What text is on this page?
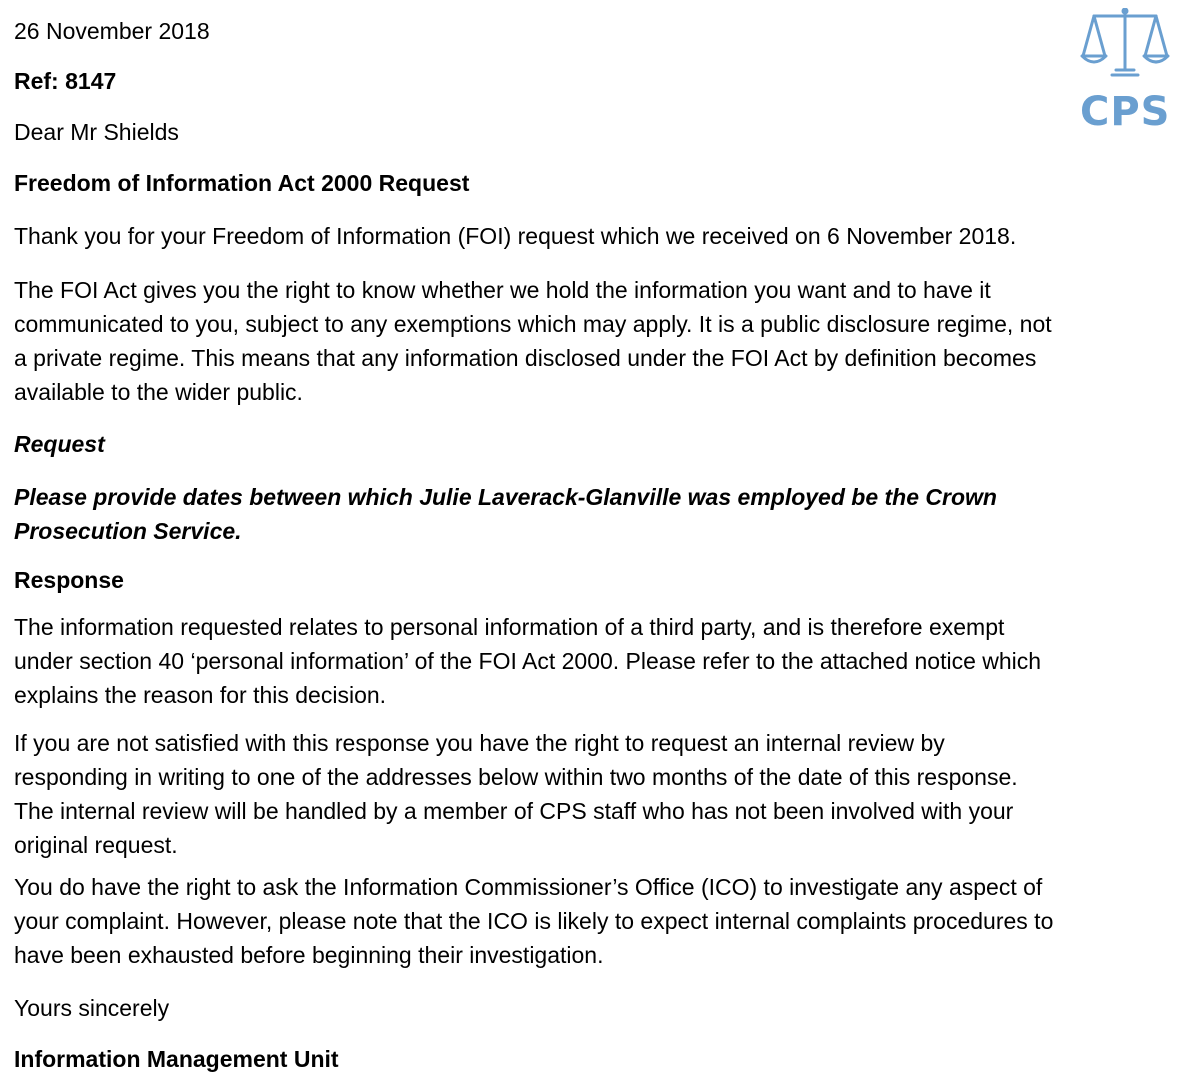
26 November 2018
Ref: 8147
Dear Mr Shields
Freedom of Information Act 2000 Request
Thank you for your Freedom of Information (FOI) request which we received on 6 November 2018.
The FOI Act gives you the right to know whether we hold the information you want and to have it
communicated to you, subject to any exemptions which may apply. It is a public disclosure regime, not
a private regime. This means that any information disclosed under the FOI Act by definition becomes
available to the wider public.
Request
Please provide dates between which Julie Laverack-Glanville was employed be the Crown
Prosecution Service.
Response
The information requested relates to personal information of a third party, and is therefore exempt
under section 40 ‘personal information’ of the FOI Act 2000. Please refer to the attached notice which
explains the reason for this decision.
If you are not satisfied with this response you have the right to request an internal review by
responding in writing to one of the addresses below within two months of the date of this response.
The internal review will be handled by a member of CPS staff who has not been involved with your
original request.
You do have the right to ask the Information Commissioner’s Office (ICO) to investigate any aspect of
your complaint. However, please note that the ICO is likely to expect internal complaints procedures to
have been exhausted before beginning their investigation.
Yours sincerely
Information Management Unit
CPS
